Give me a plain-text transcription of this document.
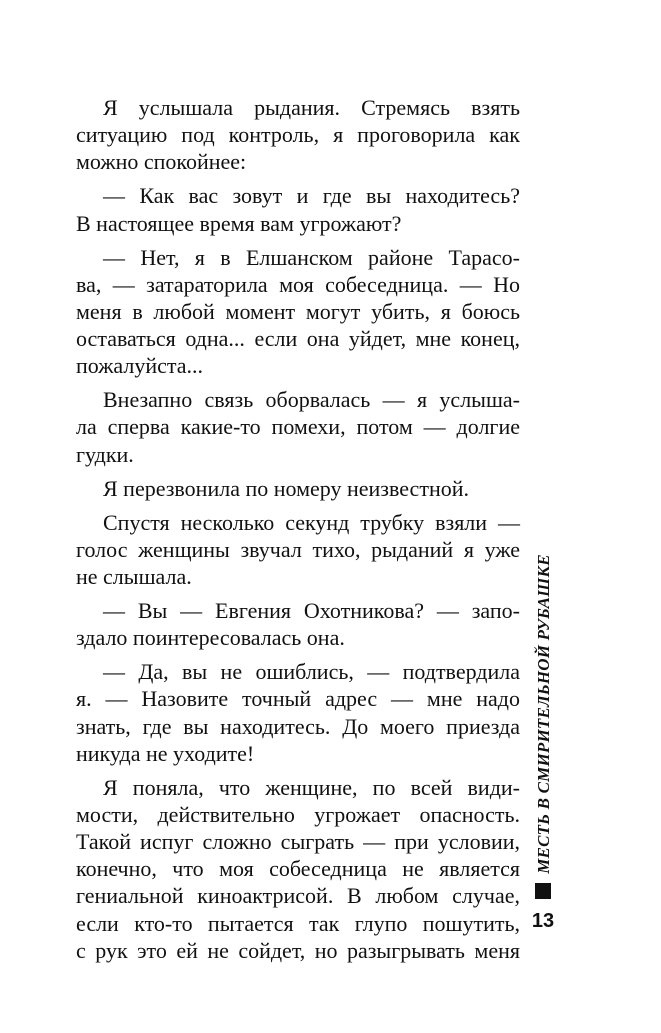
Я услышала рыдания. Стремясь взять
ситуацию под контроль, я проговорила как
можно спокойнее:
— Как вас зовут и где вы находитесь?
В настоящее время вам угрожают?
— Нет, я в Елшанском районе Тарасо-
ва, — затараторила моя собеседница. — Но
меня в любой момент могут убить, я боюсь
оставаться одна... если она уйдет, мне конец,
пожалуйста...
Внезапно связь оборвалась — я услыша-
ла сперва какие-то помехи, потом — долгие
гудки.
Я перезвонила по номеру неизвестной.
Спустя несколько секунд трубку взяли —
голос женщины звучал тихо, рыданий я уже
не слышала.
— Вы — Евгения Охотникова? — запо-
здало поинтересовалась она.
— Да, вы не ошиблись, — подтвердила
я. — Назовите точный адрес — мне надо
знать, где вы находитесь. До моего приезда
никуда не уходите!
Я поняла, что женщине, по всей види-
мости, действительно угрожает опасность.
Такой испуг сложно сыграть — при условии,
конечно, что моя собеседница не является
гениальной киноактрисой. В любом случае,
если кто-то пытается так глупо пошутить,
с рук это ей не сойдет, но разыгрывать меня
МЕСТЬ В СМИРИТЕЛЬНОЙ РУБАШКЕ
13
